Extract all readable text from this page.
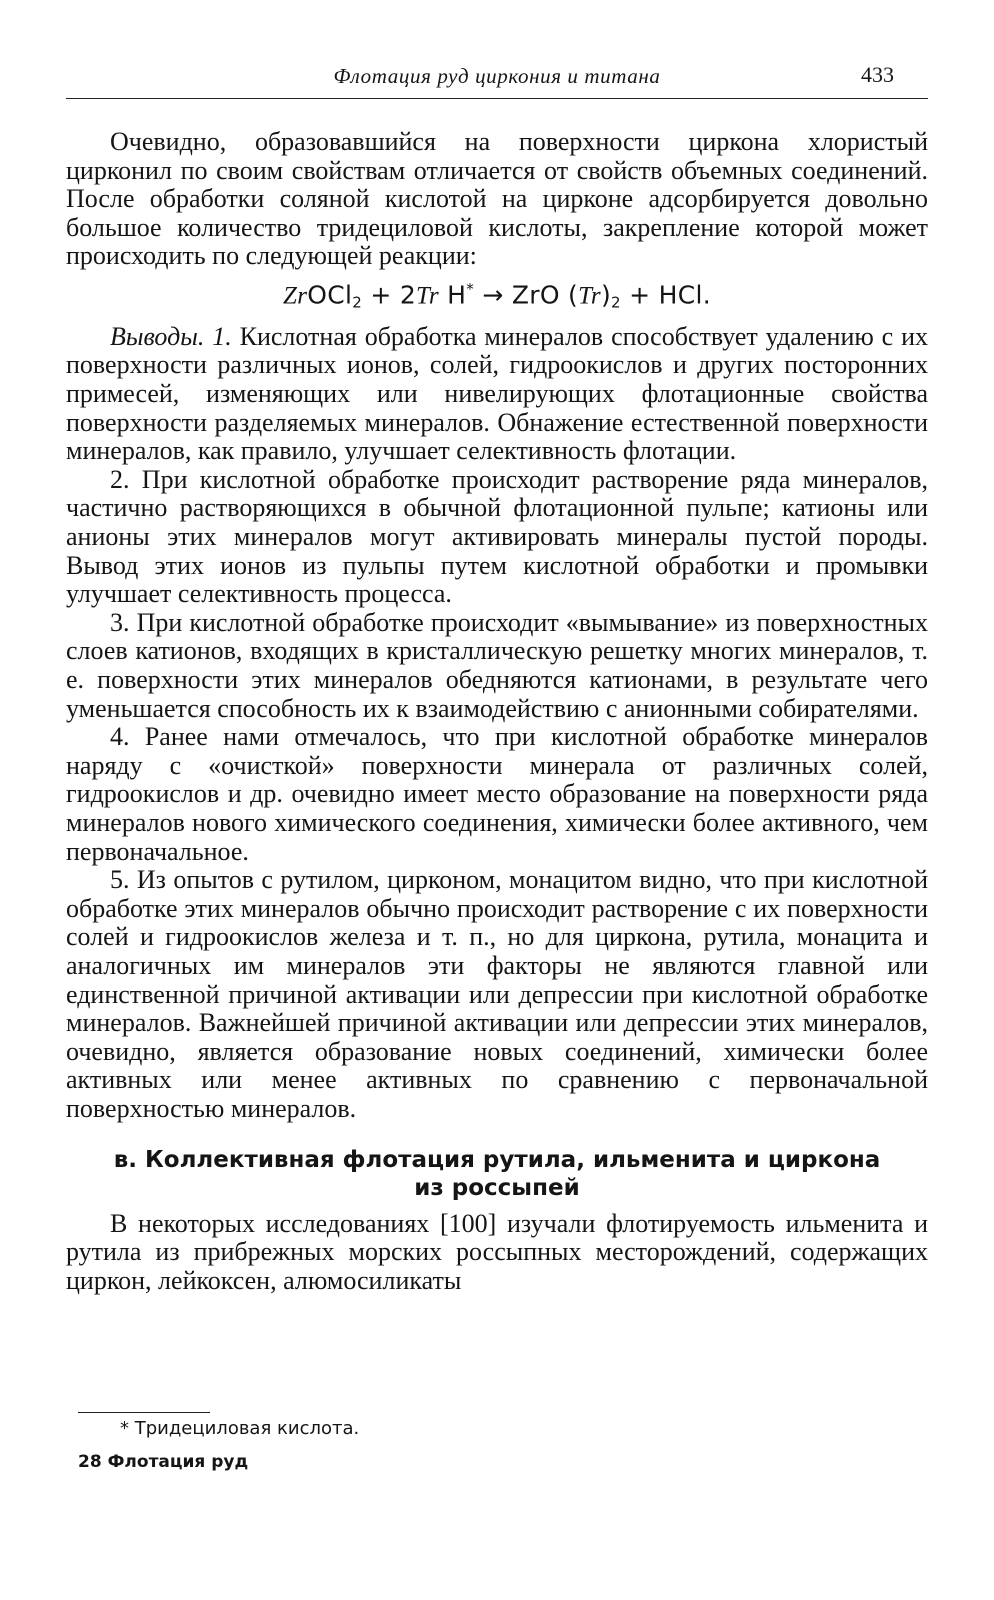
Флотация руд циркония и титана	433

Очевидно, образовавшийся на поверхности циркона хлористый цирконил по своим свойствам отличается от свойств объемных соединений. После обработки соляной кислотой на цирконе адсорбируется довольно большое количество тридециловой кислоты, закрепление которой может происходить по следующей реакции:

ZrOCl$_2$ + 2Tr H* → ZrO $(Tr)_2$ + HCl.

Выводы. 1. Кислотная обработка минералов способствует удалению с их поверхности различных ионов, солей, гидроокислов и других посторонних примесей, изменяющих или нивелирующих флотационные свойства поверхности разделяемых минералов. Обнажение естественной поверхности минералов, как правило, улучшает селективность флотации.

2. При кислотной обработке происходит растворение ряда минералов, частично растворяющихся в обычной флотационной пульпе; катионы или анионы этих минералов могут активировать минералы пустой породы. Вывод этих ионов из пульпы путем кислотной обработки и промывки улучшает селективность процесса.

3. При кислотной обработке происходит «вымывание» из поверхностных слоев катионов, входящих в кристаллическую решетку многих минералов, т. е. поверхности этих минералов обедняются катионами, в результате чего уменьшается способность их к взаимодействию с анионными собирателями.

4. Ранее нами отмечалось, что при кислотной обработке минералов наряду с «очисткой» поверхности минерала от различных солей, гидроокислов и др. очевидно имеет место образование на поверхности ряда минералов нового химического соединения, химически более активного, чем первоначальное.

5. Из опытов с рутилом, цирконом, монацитом видно, что при кислотной обработке этих минералов обычно происходит растворение с их поверхности солей и гидроокислов железа и т. п., но для циркона, рутила, монацита и аналогичных им минералов эти факторы не являются главной или единственной причиной активации или депрессии при кислотной обработке минералов. Важнейшей причиной активации или депрессии этих минералов, очевидно, является образование новых соединений, химически более активных или менее активных по сравнению с первоначальной поверхностью минералов.

в. Коллективная флотация рутила, ильменита и циркона из россыпей

В некоторых исследованиях [100] изучали флотируемость ильменита и рутила из прибрежных морских россыпных месторождений, содержащих циркон, лейкоксен, алюмосиликаты

* Тридециловая кислота.
28 Флотация руд
